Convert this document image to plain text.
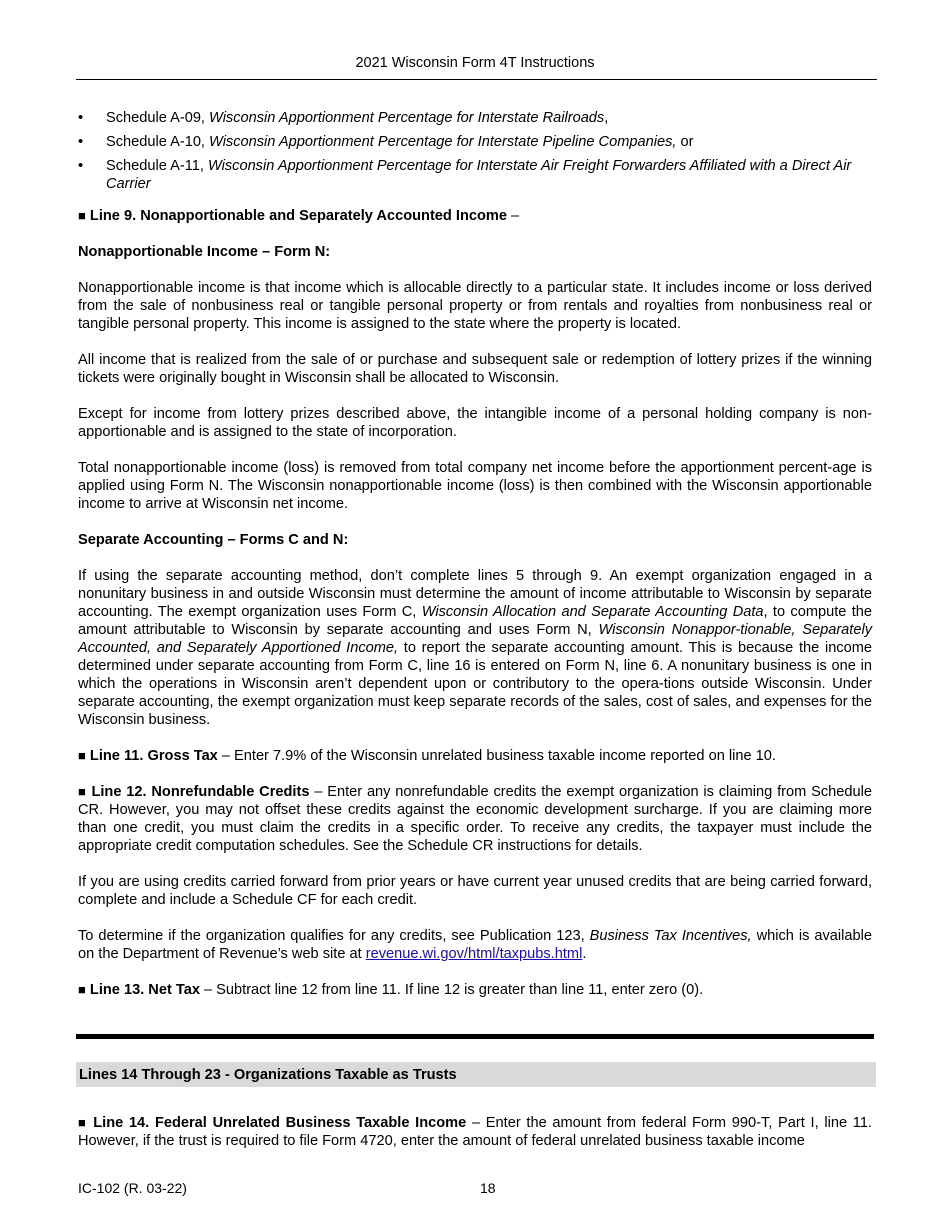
2021 Wisconsin Form 4T Instructions
• Schedule A-09, Wisconsin Apportionment Percentage for Interstate Railroads,
• Schedule A-10, Wisconsin Apportionment Percentage for Interstate Pipeline Companies, or
• Schedule A-11, Wisconsin Apportionment Percentage for Interstate Air Freight Forwarders Affiliated with a Direct Air Carrier

■ Line 9. Nonapportionable and Separately Accounted Income –

Nonapportionable Income – Form N:

Nonapportionable income is that income which is allocable directly to a particular state. It includes income or loss derived from the sale of nonbusiness real or tangible personal property or from rentals and royalties from nonbusiness real or tangible personal property. This income is assigned to the state where the property is located.

All income that is realized from the sale of or purchase and subsequent sale or redemption of lottery prizes if the winning tickets were originally bought in Wisconsin shall be allocated to Wisconsin.

Except for income from lottery prizes described above, the intangible income of a personal holding company is non-apportionable and is assigned to the state of incorporation.

Total nonapportionable income (loss) is removed from total company net income before the apportionment percent-age is applied using Form N. The Wisconsin nonapportionable income (loss) is then combined with the Wisconsin apportionable income to arrive at Wisconsin net income.

Separate Accounting – Forms C and N:

If using the separate accounting method, don’t complete lines 5 through 9. An exempt organization engaged in a nonunitary business in and outside Wisconsin must determine the amount of income attributable to Wisconsin by separate accounting. The exempt organization uses Form C, Wisconsin Allocation and Separate Accounting Data, to compute the amount attributable to Wisconsin by separate accounting and uses Form N, Wisconsin Nonappor-tionable, Separately Accounted, and Separately Apportioned Income, to report the separate accounting amount. This is because the income determined under separate accounting from Form C, line 16 is entered on Form N, line 6. A nonunitary business is one in which the operations in Wisconsin aren’t dependent upon or contributory to the opera-tions outside Wisconsin. Under separate accounting, the exempt organization must keep separate records of the sales, cost of sales, and expenses for the Wisconsin business.

■ Line 11. Gross Tax – Enter 7.9% of the Wisconsin unrelated business taxable income reported on line 10.

■ Line 12. Nonrefundable Credits – Enter any nonrefundable credits the exempt organization is claiming from Schedule CR. However, you may not offset these credits against the economic development surcharge. If you are claiming more than one credit, you must claim the credits in a specific order. To receive any credits, the taxpayer must include the appropriate credit computation schedules. See the Schedule CR instructions for details.

If you are using credits carried forward from prior years or have current year unused credits that are being carried forward, complete and include a Schedule CF for each credit.

To determine if the organization qualifies for any credits, see Publication 123, Business Tax Incentives, which is available on the Department of Revenue’s web site at revenue.wi.gov/html/taxpubs.html.

■ Line 13. Net Tax – Subtract line 12 from line 11. If line 12 is greater than line 11, enter zero (0).

Lines 14 Through 23 - Organizations Taxable as Trusts
■ Line 14. Federal Unrelated Business Taxable Income – Enter the amount from federal Form 990-T, Part I, line 11. However, if the trust is required to file Form 4720, enter the amount of federal unrelated business taxable income
IC-102 (R. 03-22)	18
